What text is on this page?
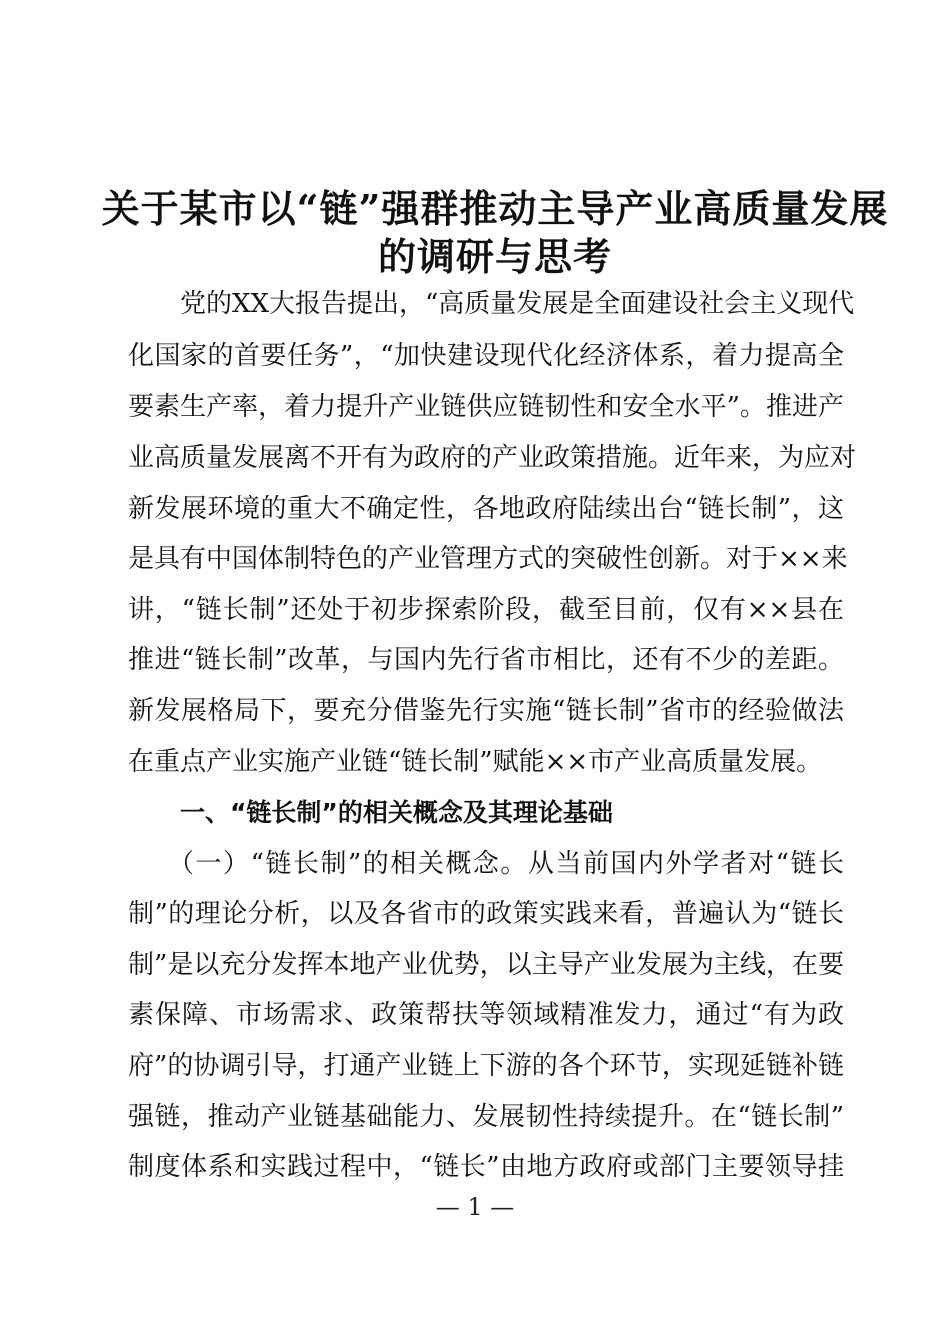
关于某市以“链”强群推动主导产业高质量发展
的调研与思考
党的XX大报告提出，“高质量发展是全面建设社会主义现代
化国家的首要任务”，“加快建设现代化经济体系，着力提高全
要素生产率，着力提升产业链供应链韧性和安全水平”。推进产
业高质量发展离不开有为政府的产业政策措施。近年来，为应对
新发展环境的重大不确定性，各地政府陆续出台“链长制”，这
是具有中国体制特色的产业管理方式的突破性创新。对于××来
讲，“链长制”还处于初步探索阶段，截至目前，仅有××县在
推进“链长制”改革，与国内先行省市相比，还有不少的差距。
新发展格局下，要充分借鉴先行实施“链长制”省市的经验做法
在重点产业实施产业链“链长制”赋能××市产业高质量发展。
一、“链长制”的相关概念及其理论基础
（一）“链长制”的相关概念。从当前国内外学者对“链长
制”的理论分析，以及各省市的政策实践来看，普遍认为“链长
制”是以充分发挥本地产业优势，以主导产业发展为主线，在要
素保障、市场需求、政策帮扶等领域精准发力，通过“有为政
府”的协调引导，打通产业链上下游的各个环节，实现延链补链
强链，推动产业链基础能力、发展韧性持续提升。在“链长制”
制度体系和实践过程中，“链长”由地方政府或部门主要领导挂
— 1 —
